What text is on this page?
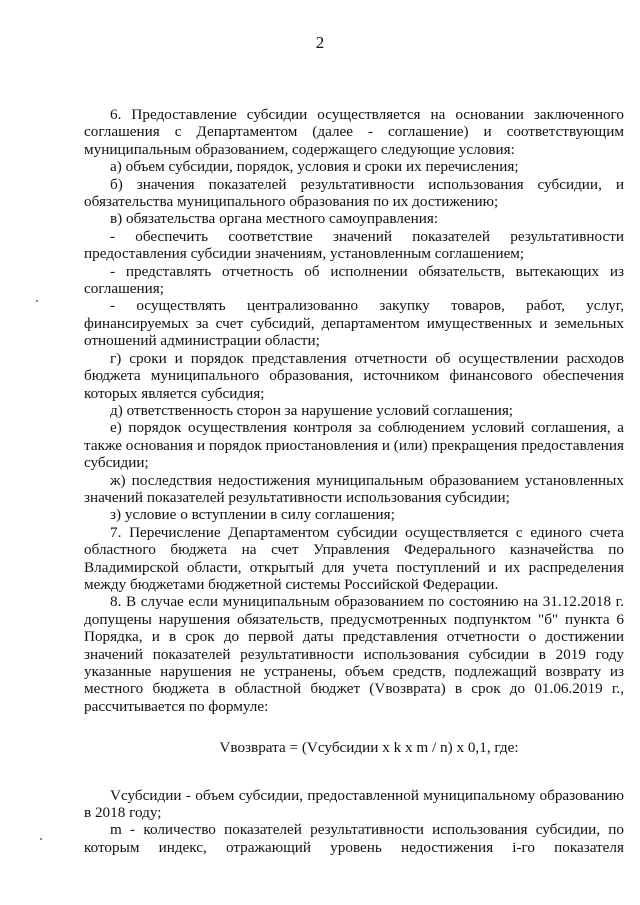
2

6. Предоставление субсидии осуществляется на основании заключенного соглашения с Департаментом (далее - соглашение) и соответствующим муниципальным образованием, содержащего следующие условия:

а) объем субсидии, порядок, условия и сроки их перечисления;

б) значения показателей результативности использования субсидии, и обязательства муниципального образования по их достижению;

в) обязательства органа местного самоуправления:

- обеспечить соответствие значений показателей результативности предоставления субсидии значениям, установленным соглашением;

- представлять отчетность об исполнении обязательств, вытекающих из соглашения;

- осуществлять централизованно закупку товаров, работ, услуг, финансируемых за счет субсидий, департаментом имущественных и земельных отношений администрации области;

г) сроки и порядок представления отчетности об осуществлении расходов бюджета муниципального образования, источником финансового обеспечения которых является субсидия;

д) ответственность сторон за нарушение условий соглашения;

е) порядок осуществления контроля за соблюдением условий соглашения, а также основания и порядок приостановления и (или) прекращения предоставления субсидии;

ж) последствия недостижения муниципальным образованием установленных значений показателей результативности использования субсидии;

з) условие о вступлении в силу соглашения;

7. Перечисление Департаментом субсидии осуществляется с единого счета областного бюджета на счет Управления Федерального казначейства по Владимирской области, открытый для учета поступлений и их распределения между бюджетами бюджетной системы Российской Федерации.

8. В случае если муниципальным образованием по состоянию на 31.12.2018 г. допущены нарушения обязательств, предусмотренных подпунктом "б" пункта 6 Порядка, и в срок до первой даты представления отчетности о достижении значений показателей результативности использования субсидии в 2019 году указанные нарушения не устранены, объем средств, подлежащий возврату из местного бюджета в областной бюджет (Vвозврата) в срок до 01.06.2019 г., рассчитывается по формуле:

Vвозврата = (Vсубсидии x k x m / n) x 0,1, где:

Vсубсидии - объем субсидии, предоставленной муниципальному образованию в 2018 году;

m - количество показателей результативности использования субсидии, по которым индекс, отражающий уровень недостижения i-го показателя
